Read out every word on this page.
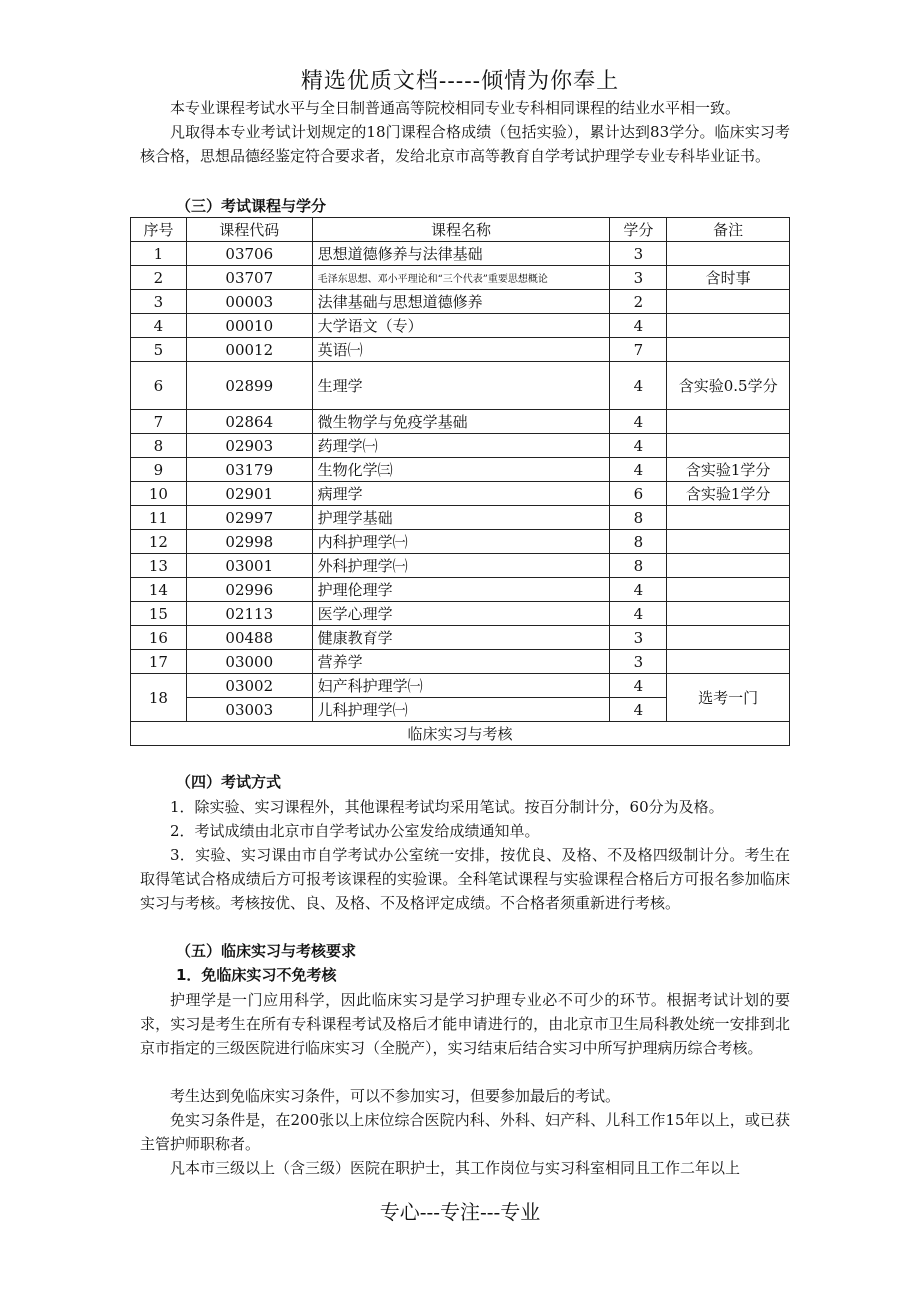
精选优质文档-----倾情为你奉上
本专业课程考试水平与全日制普通高等院校相同专业专科相同课程的结业水平相一致。
凡取得本专业考试计划规定的18门课程合格成绩（包括实验），累计达到83学分。临床实习考核合格，思想品德经鉴定符合要求者，发给北京市高等教育自学考试护理学专业专科毕业证书。
（三）考试课程与学分
序号	课程代码	课程名称	学分	备注
1	03706	思想道德修养与法律基础	3	
2	03707	毛泽东思想、邓小平理论和“三个代表”重要思想概论	3	含时事
3	00003	法律基础与思想道德修养	2	
4	00010	大学语文（专）	4	
5	00012	英语㈠	7	
6	02899	生理学	4	含实验0.5学分
7	02864	微生物学与免疫学基础	4	
8	02903	药理学㈠	4	
9	03179	生物化学㈢	4	含实验1学分
10	02901	病理学	6	含实验1学分
11	02997	护理学基础	8	
12	02998	内科护理学㈠	8	
13	03001	外科护理学㈠	8	
14	02996	护理伦理学	4	
15	02113	医学心理学	4	
16	00488	健康教育学	3	
17	03000	营养学	3	
18	03002	妇产科护理学㈠	4	选考一门
	03003	儿科护理学㈠	4	
临床实习与考核				
（四）考试方式
1．除实验、实习课程外，其他课程考试均采用笔试。按百分制计分，60分为及格。
2．考试成绩由北京市自学考试办公室发给成绩通知单。
3．实验、实习课由市自学考试办公室统一安排，按优良、及格、不及格四级制计分。考生在取得笔试合格成绩后方可报考该课程的实验课。全科笔试课程与实验课程合格后方可报名参加临床实习与考核。考核按优、良、及格、不及格评定成绩。不合格者须重新进行考核。
（五）临床实习与考核要求
1．免临床实习不免考核
护理学是一门应用科学，因此临床实习是学习护理专业必不可少的环节。根据考试计划的要求，实习是考生在所有专科课程考试及格后才能申请进行的，由北京市卫生局科教处统一安排到北京市指定的三级医院进行临床实习（全脱产），实习结束后结合实习中所写护理病历综合考核。
考生达到免临床实习条件，可以不参加实习，但要参加最后的考试。
免实习条件是，在200张以上床位综合医院内科、外科、妇产科、儿科工作15年以上，或已获主管护师职称者。
凡本市三级以上（含三级）医院在职护士，其工作岗位与实习科室相同且工作二年以上
专心---专注---专业
